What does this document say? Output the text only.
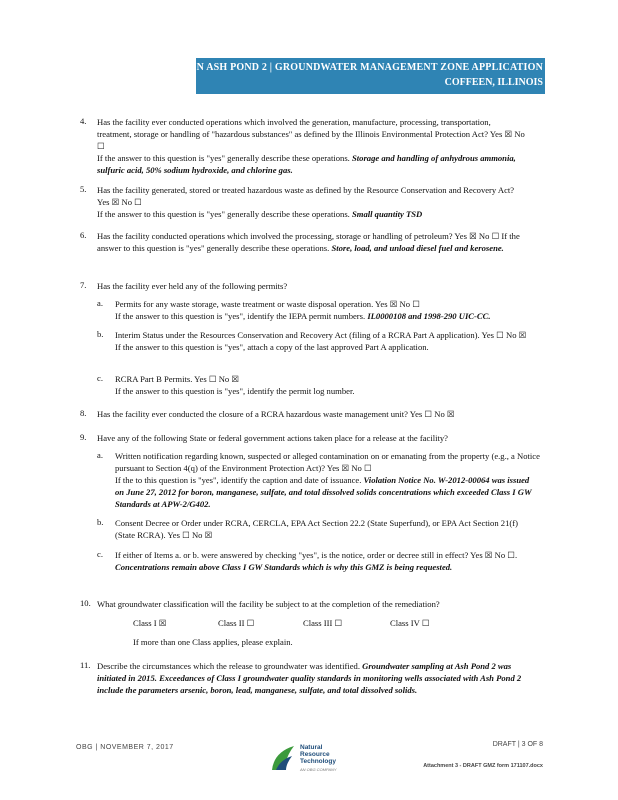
COFFEEN ASH POND 2 | GROUNDWATER MANAGEMENT ZONE APPLICATION
COFFEEN, ILLINOIS
4. Has the facility ever conducted operations which involved the generation, manufacture, processing, transportation, treatment, storage or handling of "hazardous substances" as defined by the Illinois Environmental Protection Act? Yes ☒ No ☐
If the answer to this question is "yes" generally describe these operations. Storage and handling of anhydrous ammonia, sulfuric acid, 50% sodium hydroxide, and chlorine gas.
5. Has the facility generated, stored or treated hazardous waste as defined by the Resource Conservation and Recovery Act? Yes ☒ No ☐
If the answer to this question is "yes" generally describe these operations. Small quantity TSD
6. Has the facility conducted operations which involved the processing, storage or handling of petroleum? Yes ☒ No ☐ If the answer to this question is "yes" generally describe these operations. Store, load, and unload diesel fuel and kerosene.
7. Has the facility ever held any of the following permits?
a. Permits for any waste storage, waste treatment or waste disposal operation. Yes ☒ No ☐
If the answer to this question is "yes", identify the IEPA permit numbers. IL0000108 and 1998-290 UIC-CC.
b. Interim Status under the Resources Conservation and Recovery Act (filing of a RCRA Part A application). Yes ☐ No ☒
If the answer to this question is "yes", attach a copy of the last approved Part A application.
c. RCRA Part B Permits. Yes ☐ No ☒
If the answer to this question is "yes", identify the permit log number.
8. Has the facility ever conducted the closure of a RCRA hazardous waste management unit? Yes ☐ No ☒
9. Have any of the following State or federal government actions taken place for a release at the facility?
a. Written notification regarding known, suspected or alleged contamination on or emanating from the property (e.g., a Notice pursuant to Section 4(q) of the Environment Protection Act)? Yes ☒ No ☐
If the to this question is "yes", identify the caption and date of issuance. Violation Notice No. W-2012-00064 was issued on June 27, 2012 for boron, manganese, sulfate, and total dissolved solids concentrations which exceeded Class I GW Standards at APW-2/G402.
b. Consent Decree or Order under RCRA, CERCLA, EPA Act Section 22.2 (State Superfund), or EPA Act Section 21(f) (State RCRA). Yes ☐ No ☒
c. If either of Items a. or b. were answered by checking "yes", is the notice, order or decree still in effect? Yes ☒ No ☐. Concentrations remain above Class I GW Standards which is why this GMZ is being requested.
10. What groundwater classification will the facility be subject to at the completion of the remediation?
Class I ☒	Class II ☐	Class III ☐	Class IV ☐
If more than one Class applies, please explain.
11. Describe the circumstances which the release to groundwater was identified. Groundwater sampling at Ash Pond 2 was initiated in 2015. Exceedances of Class I groundwater quality standards in monitoring wells associated with Ash Pond 2 include the parameters arsenic, boron, lead, manganese, sulfate, and total dissolved solids.
OBG | NOVEMBER 7, 2017	Natural
Resource
Technology
AN OBG COMPANY
DRAFT | 3 OF 8
Attachment 3 - DRAFT GMZ form 171107.docx
